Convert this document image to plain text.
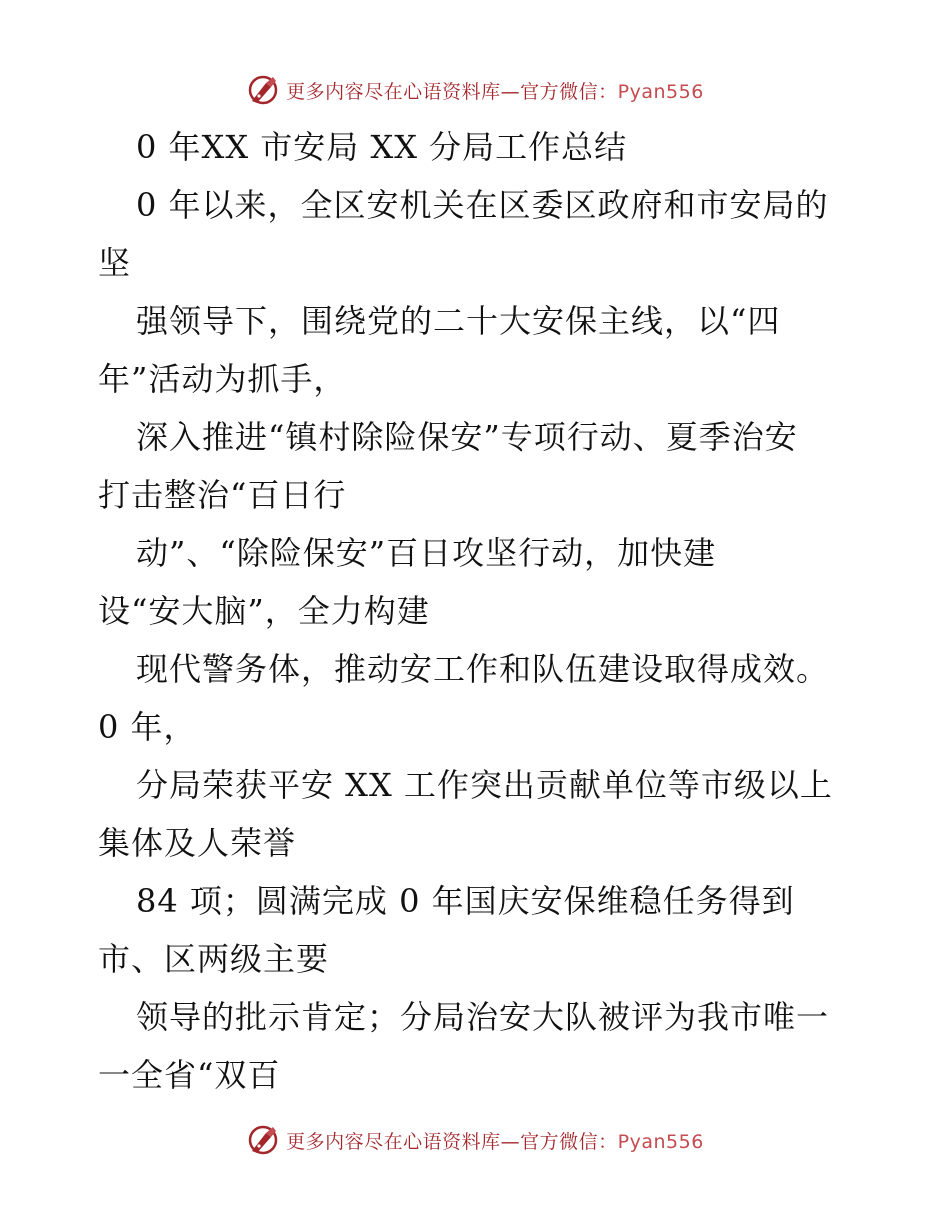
更多内容尽在心语资料库—官方微信：Pyan556
0 年XX 市安局 XX 分局工作总结
0 年以来，全区安机关在区委区政府和市安局的
坚
强领导下，围绕党的二十大安保主线，以“四
年”活动为抓手，
深入推进“镇村除险保安”专项行动、夏季治安
打击整治“百日行
动”、“除险保安”百日攻坚行动，加快建
设“安大脑”，全力构建
现代警务体，推动安工作和队伍建设取得成效。
0 年，
分局荣获平安 XX 工作突出贡献单位等市级以上
集体及人荣誉
84 项；圆满完成 0 年国庆安保维稳任务得到
市、区两级主要
领导的批示肯定；分局治安大队被评为我市唯一
一全省“双百
更多内容尽在心语资料库—官方微信：Pyan556
